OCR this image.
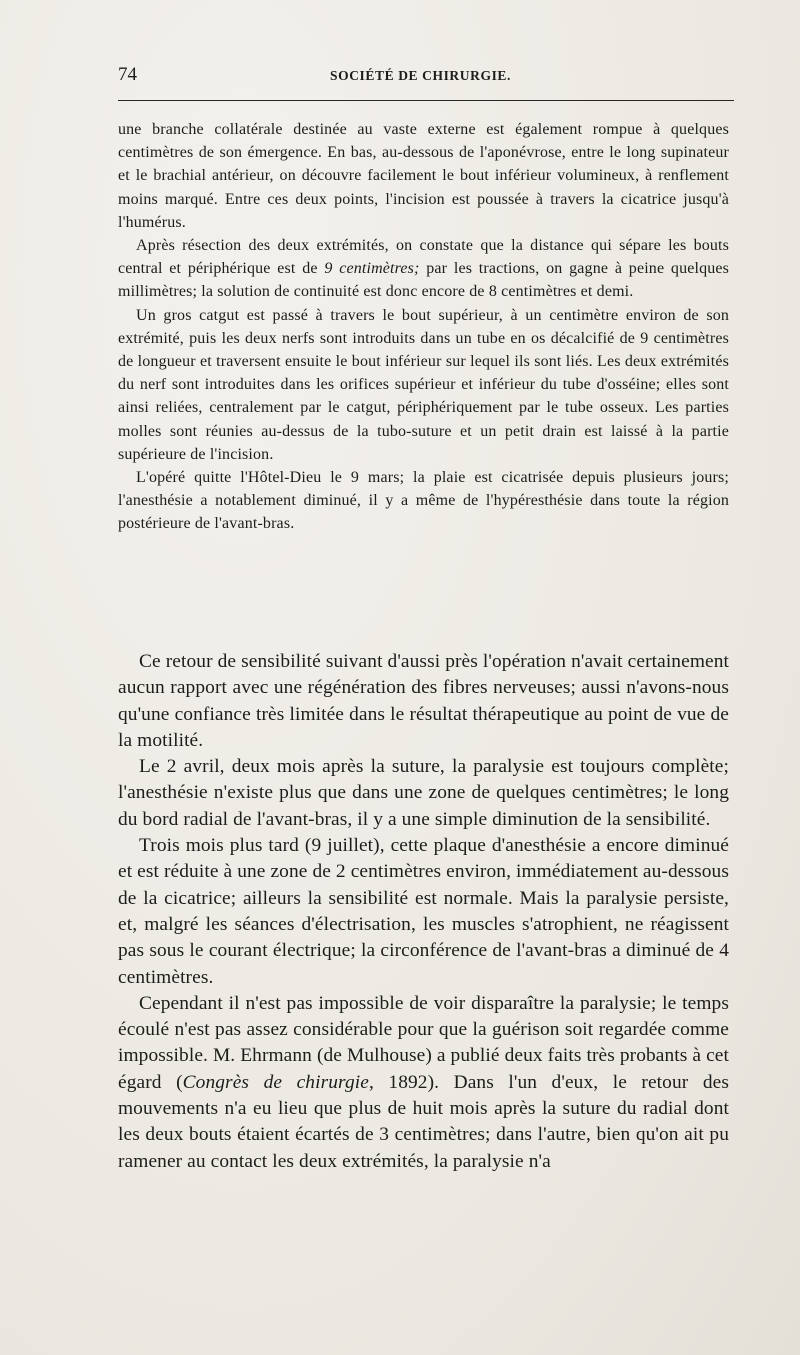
74	SOCIÉTÉ DE CHIRURGIE.

une branche collatérale destinée au vaste externe est également rompue à quelques centimètres de son émergence. En bas, au-dessous de l'aponévrose, entre le long supinateur et le brachial antérieur, on découvre facilement le bout inférieur volumineux, à renflement moins marqué. Entre ces deux points, l'incision est poussée à travers la cicatrice jusqu'à l'humérus.

Après résection des deux extrémités, on constate que la distance qui sépare les bouts central et périphérique est de 9 centimètres; par les tractions, on gagne à peine quelques millimètres; la solution de continuité est donc encore de 8 centimètres et demi.

Un gros catgut est passé à travers le bout supérieur, à un centimètre environ de son extrémité, puis les deux nerfs sont introduits dans un tube en os décalcifié de 9 centimètres de longueur et traversent ensuite le bout inférieur sur lequel ils sont liés. Les deux extrémités du nerf sont introduites dans les orifices supérieur et inférieur du tube d'osséine; elles sont ainsi reliées, centralement par le catgut, périphériquement par le tube osseux. Les parties molles sont réunies au-dessus de la tubo-suture et un petit drain est laissé à la partie supérieure de l'incision.

L'opéré quitte l'Hôtel-Dieu le 9 mars; la plaie est cicatrisée depuis plusieurs jours; l'anesthésie a notablement diminué, il y a même de l'hypéresthésie dans toute la région postérieure de l'avant-bras.

Ce retour de sensibilité suivant d'aussi près l'opération n'avait certainement aucun rapport avec une régénération des fibres nerveuses; aussi n'avons-nous qu'une confiance très limitée dans le résultat thérapeutique au point de vue de la motilité.

Le 2 avril, deux mois après la suture, la paralysie est toujours complète; l'anesthésie n'existe plus que dans une zone de quelques centimètres; le long du bord radial de l'avant-bras, il y a une simple diminution de la sensibilité.

Trois mois plus tard (9 juillet), cette plaque d'anesthésie a encore diminué et est réduite à une zone de 2 centimètres environ, immédiatement au-dessous de la cicatrice; ailleurs la sensibilité est normale. Mais la paralysie persiste, et, malgré les séances d'électrisation, les muscles s'atrophient, ne réagissent pas sous le courant électrique; la circonférence de l'avant-bras a diminué de 4 centimètres.

Cependant il n'est pas impossible de voir disparaître la paralysie; le temps écoulé n'est pas assez considérable pour que la guérison soit regardée comme impossible. M. Ehrmann (de Mulhouse) a publié deux faits très probants à cet égard (Congrès de chirurgie, 1892). Dans l'un d'eux, le retour des mouvements n'a eu lieu que plus de huit mois après la suture du radial dont les deux bouts étaient écartés de 3 centimètres; dans l'autre, bien qu'on ait pu ramener au contact les deux extrémités, la paralysie n'a
